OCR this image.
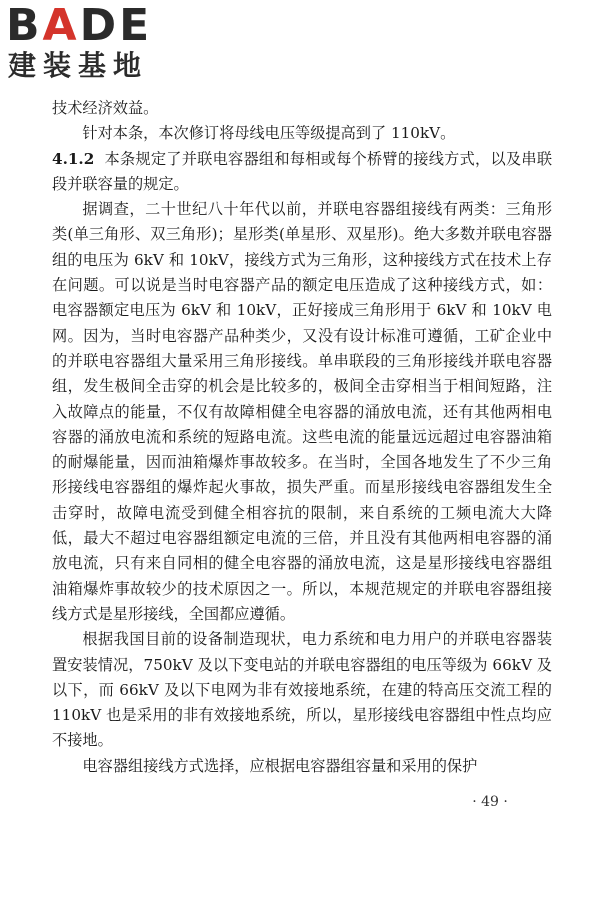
BADE
建装基地

技术经济效益。

针对本条，本次修订将母线电压等级提高到了 110kV。

4.1.2 本条规定了并联电容器组和每相或每个桥臂的接线方式，以及串联段并联容量的规定。

据调查，二十世纪八十年代以前，并联电容器组接线有两类：三角形类(单三角形、双三角形)；星形类(单星形、双星形)。绝大多数并联电容器组的电压为 6kV 和 10kV，接线方式为三角形，这种接线方式在技术上存在问题。可以说是当时电容器产品的额定电压造成了这种接线方式，如：电容器额定电压为 6kV 和 10kV，正好接成三角形用于 6kV 和 10kV 电网。因为，当时电容器产品种类少，又没有设计标准可遵循，工矿企业中的并联电容器组大量采用三角形接线。单串联段的三角形接线并联电容器组，发生极间全击穿的机会是比较多的，极间全击穿相当于相间短路，注入故障点的能量，不仅有故障相健全电容器的涌放电流，还有其他两相电容器的涌放电流和系统的短路电流。这些电流的能量远远超过电容器油箱的耐爆能量，因而油箱爆炸事故较多。在当时，全国各地发生了不少三角形接线电容器组的爆炸起火事故，损失严重。而星形接线电容器组发生全击穿时，故障电流受到健全相容抗的限制，来自系统的工频电流大大降低，最大不超过电容器组额定电流的三倍，并且没有其他两相电容器的涌放电流，只有来自同相的健全电容器的涌放电流，这是星形接线电容器组油箱爆炸事故较少的技术原因之一。所以，本规范规定的并联电容器组接线方式是星形接线，全国都应遵循。

根据我国目前的设备制造现状，电力系统和电力用户的并联电容器装置安装情况，750kV 及以下变电站的并联电容器组的电压等级为 66kV 及以下，而 66kV 及以下电网为非有效接地系统，在建的特高压交流工程的 110kV 也是采用的非有效接地系统，所以，星形接线电容器组中性点均应不接地。

电容器组接线方式选择，应根据电容器组容量和采用的保护

· 49 ·
